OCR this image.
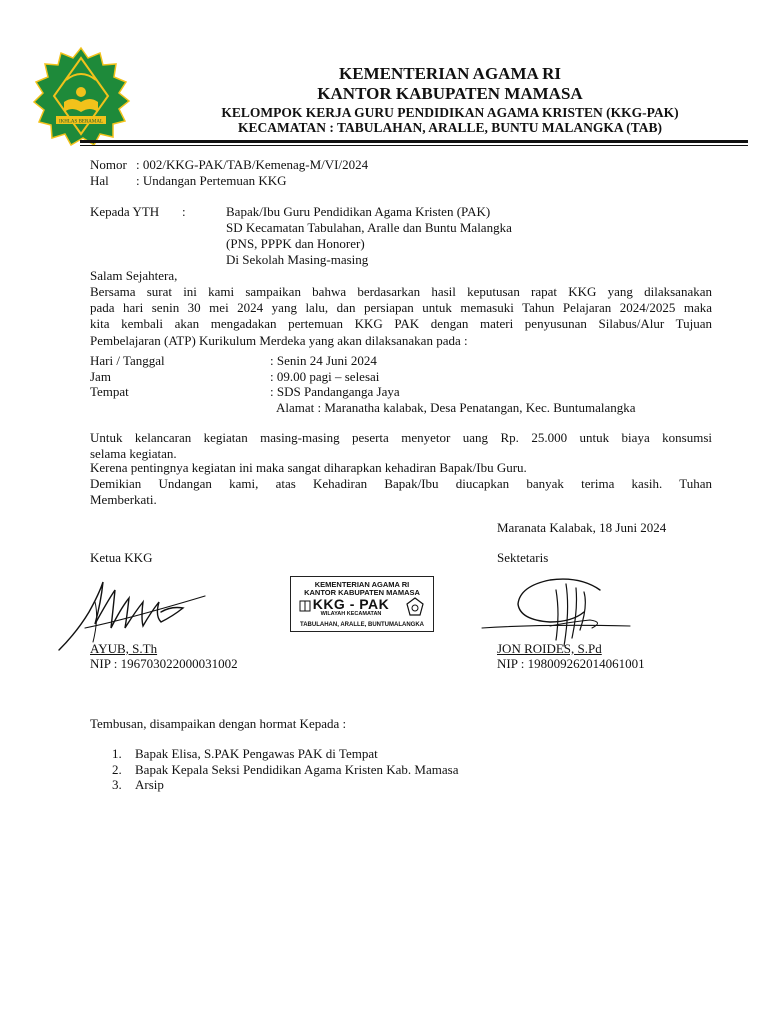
IKHLAS BERAMAL
KEMENTERIAN AGAMA RI
KANTOR KABUPATEN MAMASA
KELOMPOK KERJA GURU PENDIDIKAN AGAMA KRISTEN (KKG-PAK)
KECAMATAN : TABULAHAN, ARALLE, BUNTU MALANGKA (TAB)
Nomor : 002/KKG-PAK/TAB/Kemenag-M/VI/2024
Hal : Undangan Pertemuan KKG
Kepada YTH :	Bapak/Ibu Guru Pendidikan Agama Kristen (PAK)
SD Kecamatan Tabulahan, Aralle dan Buntu Malangka
(PNS, PPPK dan Honorer)
Di Sekolah Masing-masing
Salam Sejahtera,
Bersama surat ini kami sampaikan bahwa berdasarkan hasil keputusan rapat KKG yang dilaksanakan
pada hari senin 30 mei 2024 yang lalu, dan persiapan untuk memasuki Tahun Pelajaran 2024/2025 maka
kita kembali akan mengadakan pertemuan KKG PAK dengan materi penyusunan Silabus/Alur Tujuan
Pembelajaran (ATP) Kurikulum Merdeka yang akan dilaksanakan pada :
Hari / Tanggal	: Senin 24 Juni 2024
Jam	: 09.00 pagi – selesai
Tempat	: SDS Pandanganga Jaya
Alamat : Maranatha kalabak, Desa Penatangan, Kec. Buntumalangka
Untuk kelancaran kegiatan masing-masing peserta menyetor uang Rp. 25.000 untuk biaya konsumsi
selama kegiatan.
Kerena pentingnya kegiatan ini maka sangat diharapkan kehadiran Bapak/Ibu Guru.
Demikian Undangan kami, atas Kehadiran Bapak/Ibu diucapkan banyak terima kasih. Tuhan
Memberkati.
Maranata Kalabak, 18 Juni 2024
Ketua KKG	Sektetaris
KEMENTERIAN AGAMA RI
KANTOR KABUPATEN MAMASA
KKG - PAK
WILAYAH KECAMATAN
TABULAHAN, ARALLE, BUNTUMALANGKA
AYUB, S.Th
NIP : 196703022000031002
JON ROIDES, S.Pd
NIP : 198009262014061001
Tembusan, disampaikan dengan hormat Kepada :
1. Bapak Elisa, S.PAK Pengawas PAK di Tempat
2. Bapak Kepala Seksi Pendidikan Agama Kristen Kab. Mamasa
3. Arsip
